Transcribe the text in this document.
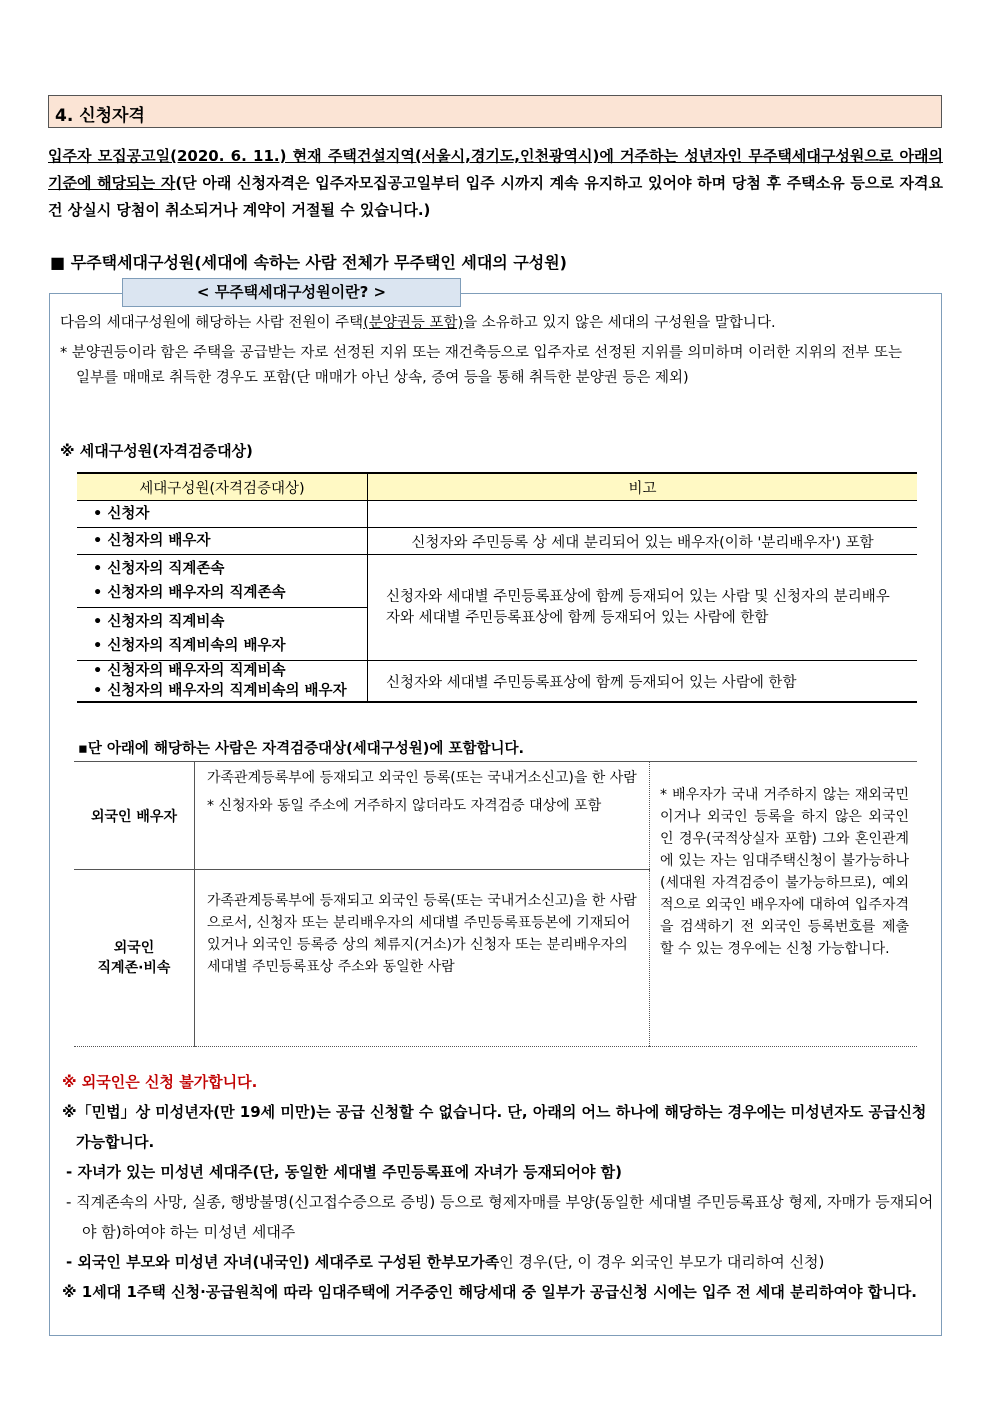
4. 신청자격
입주자 모집공고일(2020. 6. 11.) 현재 주택건설지역(서울시,경기도,인천광역시)에 거주하는 성년자인 무주택세대구성원으로 아래의 기준에 해당되는 자(단 아래 신청자격은 입주자모집공고일부터 입주 시까지 계속 유지하고 있어야 하며 당첨 후 주택소유 등으로 자격요건 상실시 당첨이 취소되거나 계약이 거절될 수 있습니다.)
■ 무주택세대구성원(세대에 속하는 사람 전체가 무주택인 세대의 구성원)
< 무주택세대구성원이란? >
다음의 세대구성원에 해당하는 사람 전원이 주택(분양권등 포함)을 소유하고 있지 않은 세대의 구성원을 말합니다.
* 분양권등이라 함은 주택을 공급받는 자로 선정된 지위 또는 재건축등으로 입주자로 선정된 지위를 의미하며 이러한 지위의 전부 또는 일부를 매매로 취득한 경우도 포함(단 매매가 아닌 상속, 증여 등을 통해 취득한 분양권 등은 제외)
※ 세대구성원(자격검증대상)
세대구성원(자격검증대상)	비고

• 신청자	

• 신청자의 배우자	신청자와 주민등록 상 세대 분리되어 있는 배우자(이하 '분리배우자') 포함

• 신청자의 직계존속
• 신청자의 배우자의 직계존속	신청자와 세대별 주민등록표상에 함께 등재되어 있는 사람 및 신청자의 분리배우자와 세대별 주민등록표상에 함께 등재되어 있는 사람에 한함

• 신청자의 직계비속
• 신청자의 직계비속의 배우자	

• 신청자의 배우자의 직계비속
• 신청자의 배우자의 직계비속의 배우자	신청자와 세대별 주민등록표상에 함께 등재되어 있는 사람에 한함
▪단 아래에 해당하는 사람은 자격검증대상(세대구성원)에 포함합니다.
외국인 배우자	가족관계등록부에 등재되고 외국인 등록(또는 국내거소신고)을 한 사람
* 신청자와 동일 주소에 거주하지 않더라도 자격검증 대상에 포함	* 배우자가 국내 거주하지 않는 재외국민이거나 외국인 등록을 하지 않은 외국인인 경우(국적상실자 포함) 그와 혼인관계에 있는 자는 임대주택신청이 불가능하나(세대원 자격검증이 불가능하므로), 예외적으로 외국인 배우자에 대하여 입주자격을 검색하기 전 외국인 등록번호를 제출할 수 있는 경우에는 신청 가능합니다.

외국인
직계존·비속	가족관계등록부에 등재되고 외국인 등록(또는 국내거소신고)을 한 사람으로서, 신청자 또는 분리배우자의 세대별 주민등록표등본에 기재되어 있거나 외국인 등록증 상의 체류지(거소)가 신청자 또는 분리배우자의 세대별 주민등록표상 주소와 동일한 사람	
※ 외국인은 신청 불가합니다.
※「민법」상 미성년자(만 19세 미만)는 공급 신청할 수 없습니다. 단, 아래의 어느 하나에 해당하는 경우에는 미성년자도 공급신청 가능합니다.
- 자녀가 있는 미성년 세대주(단, 동일한 세대별 주민등록표에 자녀가 등재되어야 함)
- 직계존속의 사망, 실종, 행방불명(신고접수증으로 증빙) 등으로 형제자매를 부양(동일한 세대별 주민등록표상 형제, 자매가 등재되어야 함)하여야 하는 미성년 세대주
- 외국인 부모와 미성년 자녀(내국인) 세대주로 구성된 한부모가족인 경우(단, 이 경우 외국인 부모가 대리하여 신청)
※ 1세대 1주택 신청·공급원칙에 따라 임대주택에 거주중인 해당세대 중 일부가 공급신청 시에는 입주 전 세대 분리하여야 합니다.
